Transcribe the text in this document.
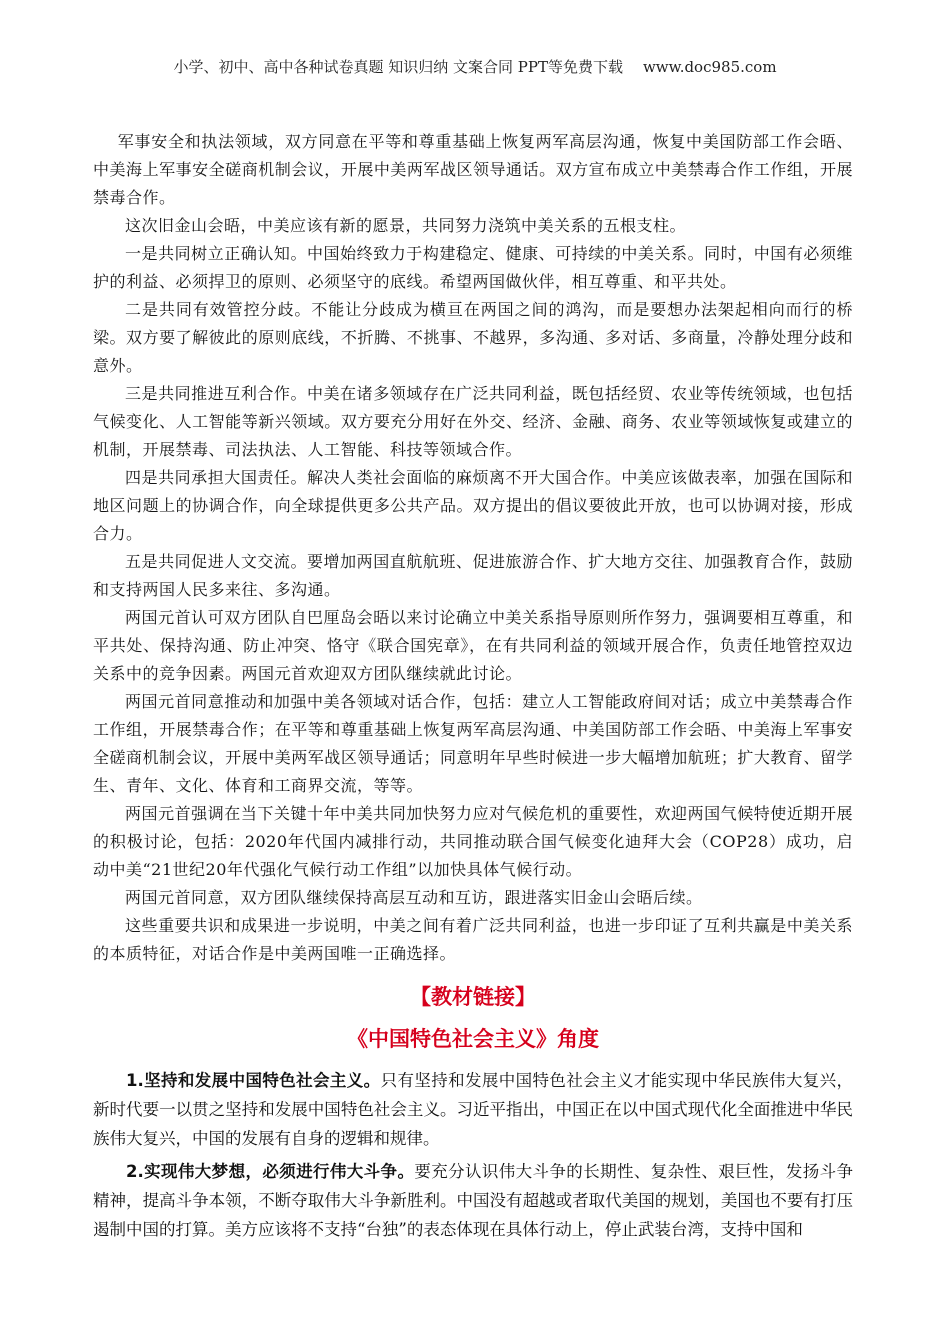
小学、初中、高中各种试卷真题 知识归纳 文案合同 PPT等免费下载 www.doc985.com

军事安全和执法领域，双方同意在平等和尊重基础上恢复两军高层沟通，恢复中美国防部工作会晤、中美海上军事安全磋商机制会议，开展中美两军战区领导通话。双方宣布成立中美禁毒合作工作组，开展禁毒合作。

这次旧金山会晤，中美应该有新的愿景，共同努力浇筑中美关系的五根支柱。

一是共同树立正确认知。中国始终致力于构建稳定、健康、可持续的中美关系。同时，中国有必须维护的利益、必须捍卫的原则、必须坚守的底线。希望两国做伙伴，相互尊重、和平共处。

二是共同有效管控分歧。不能让分歧成为横亘在两国之间的鸿沟，而是要想办法架起相向而行的桥梁。双方要了解彼此的原则底线，不折腾、不挑事、不越界，多沟通、多对话、多商量，冷静处理分歧和意外。

三是共同推进互利合作。中美在诸多领域存在广泛共同利益，既包括经贸、农业等传统领域，也包括气候变化、人工智能等新兴领域。双方要充分用好在外交、经济、金融、商务、农业等领域恢复或建立的机制，开展禁毒、司法执法、人工智能、科技等领域合作。

四是共同承担大国责任。解决人类社会面临的麻烦离不开大国合作。中美应该做表率，加强在国际和地区问题上的协调合作，向全球提供更多公共产品。双方提出的倡议要彼此开放，也可以协调对接，形成合力。

五是共同促进人文交流。要增加两国直航航班、促进旅游合作、扩大地方交往、加强教育合作，鼓励和支持两国人民多来往、多沟通。

两国元首认可双方团队自巴厘岛会晤以来讨论确立中美关系指导原则所作努力，强调要相互尊重，和平共处、保持沟通、防止冲突、恪守《联合国宪章》，在有共同利益的领域开展合作，负责任地管控双边关系中的竞争因素。两国元首欢迎双方团队继续就此讨论。

两国元首同意推动和加强中美各领域对话合作，包括：建立人工智能政府间对话；成立中美禁毒合作工作组，开展禁毒合作；在平等和尊重基础上恢复两军高层沟通、中美国防部工作会晤、中美海上军事安全磋商机制会议，开展中美两军战区领导通话；同意明年早些时候进一步大幅增加航班；扩大教育、留学生、青年、文化、体育和工商界交流，等等。

两国元首强调在当下关键十年中美共同加快努力应对气候危机的重要性，欢迎两国气候特使近期开展的积极讨论，包括：2020年代国内减排行动，共同推动联合国气候变化迪拜大会（COP28）成功，启动中美“21世纪20年代强化气候行动工作组”以加快具体气候行动。

两国元首同意，双方团队继续保持高层互动和互访，跟进落实旧金山会晤后续。

这些重要共识和成果进一步说明，中美之间有着广泛共同利益，也进一步印证了互利共赢是中美关系的本质特征，对话合作是中美两国唯一正确选择。

【教材链接】
《中国特色社会主义》角度

1.坚持和发展中国特色社会主义。只有坚持和发展中国特色社会主义才能实现中华民族伟大复兴，新时代要一以贯之坚持和发展中国特色社会主义。习近平指出，中国正在以中国式现代化全面推进中华民族伟大复兴，中国的发展有自身的逻辑和规律。

2.实现伟大梦想，必须进行伟大斗争。要充分认识伟大斗争的长期性、复杂性、艰巨性，发扬斗争精神，提高斗争本领，不断夺取伟大斗争新胜利。中国没有超越或者取代美国的规划，美国也不要有打压遏制中国的打算。美方应该将不支持“台独”的表态体现在具体行动上，停止武装台湾，支持中国和
